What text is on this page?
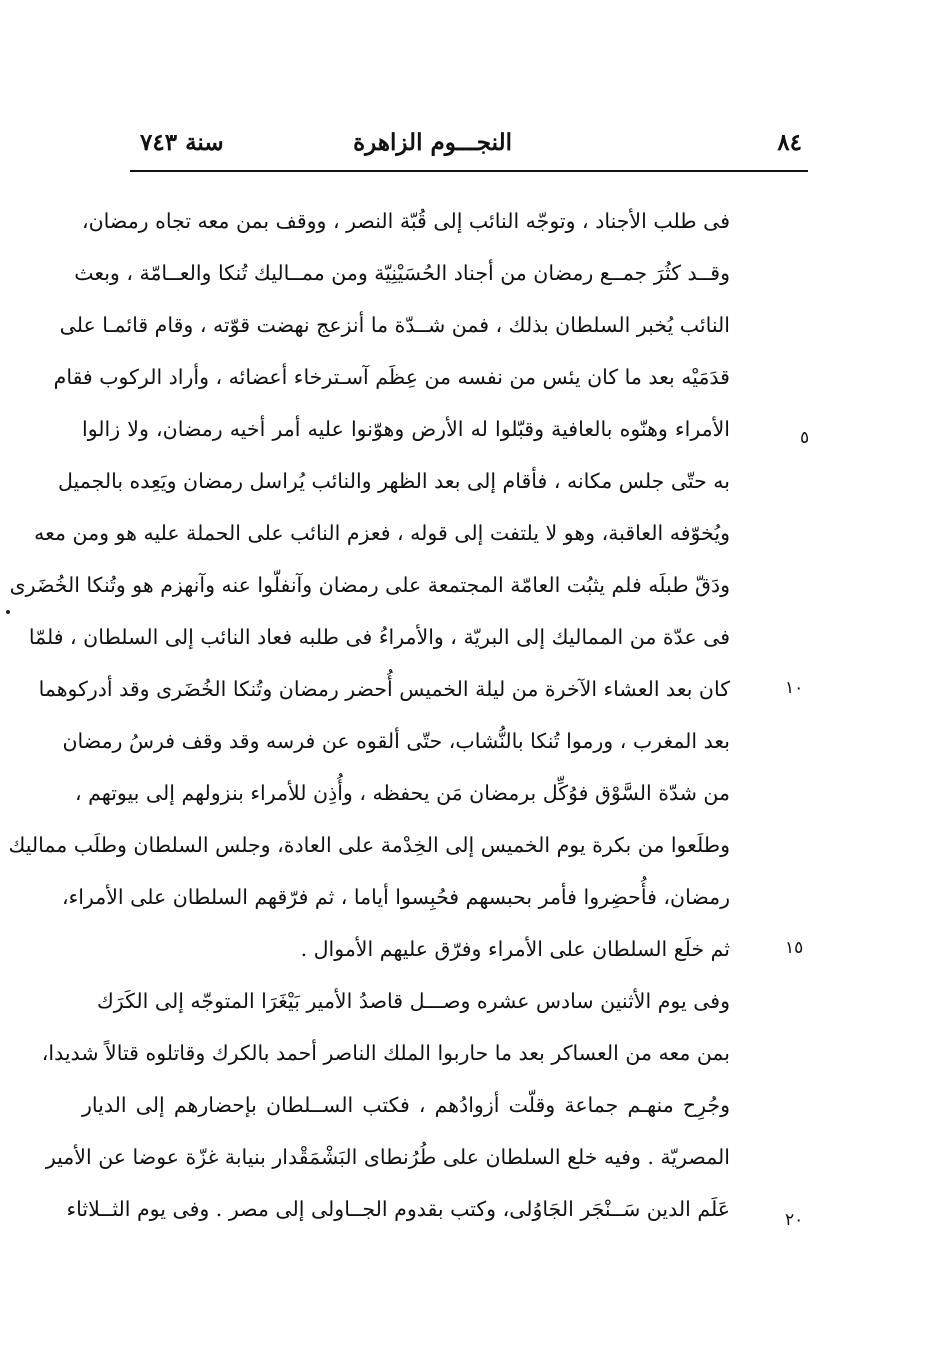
٨٤
النجـــوم الزاهرة
سنة ٧٤٣
فى طلب الأجناد ، وتوجّه النائب إلى قُبّة النصر ، ووقف بمن معه تجاه رمضان،
وقــد كثُرَ جمــع رمضان من أجناد الحُسَيْنِيّة ومن ممــاليك تُنكا والعــامّة ، وبعث
النائب يُخبر السلطان بذلك ، فمن شــدّة ما أنزعج نهضت قوّته ، وقام قائمـا على
قدَمَيْه بعد ما كان يئس من نفسه من عِظَم آسـترخاء أعضائه ، وأراد الركوب فقام
الأمراء وهنّوه بالعافية وقبّلوا له الأرض وهوّنوا عليه أمر أخيه رمضان، ولا زالوا
به حتّى جلس مكانه ، فأقام إلى بعد الظهر والنائب يُراسل رمضان ويَعِده بالجميل
ويُخوّفه العاقبة، وهو لا يلتفت إلى قوله ، فعزم النائب على الحملة عليه هو ومن معه
ودَقّ طبلَه فلم يثبُت العامّة المجتمعة على رمضان وآنفلّوا عنه وآنهزم هو وتُنكا الخُضَرى
فى عدّة من المماليك إلى البريّة ، والأمراءُ فى طلبه فعاد النائب إلى السلطان ، فلمّا
كان بعد العشاء الآخرة من ليلة الخميس أُحضر رمضان وتُنكا الخُضَرى وقد أدركوهما
بعد المغرب ، ورموا تُنكا بالنُّشاب، حتّى ألقوه عن فرسه وقد وقف فرسُ رمضان
من شدّة السَّوْق فوُكِّل برمضان مَن يحفظه ، وأُذِن للأمراء بنزولهم إلى بيوتهم ،
وطلَعوا من بكرة يوم الخميس إلى الخِدْمة على العادة، وجلس السلطان وطلَب مماليك
رمضان، فأُحضِروا فأمر بحبسهم فحُبِسوا أياما ، ثم فرّقهم السلطان على الأمراء،
ثم خلَع السلطان على الأمراء وفرّق عليهم الأموال .
وفى يوم الأثنين سادس عشره وصـــل قاصدُ الأمير بَيْغَرَا المتوجّه إلى الكَرَك
بمن معه من العساكر بعد ما حاربوا الملك الناصر أحمد بالكرك وقاتلوه قتالاً شديدا،
وجُرِح منهـم جماعة وقلّت أزوادُهم ، فكتب الســلطان بإحضارهم إلى الديار
المصريّة . وفيه خلع السلطان على طُرُنطاى البَشْمَقْدار بنيابة غزّة عوضا عن الأمير
عَلَم الدين سَــنْجَر الجَاوُلى، وكتب بقدوم الجــاولى إلى مصر . وفى يوم الثــلاثاء
٥
١٠
١٥
٢٠
